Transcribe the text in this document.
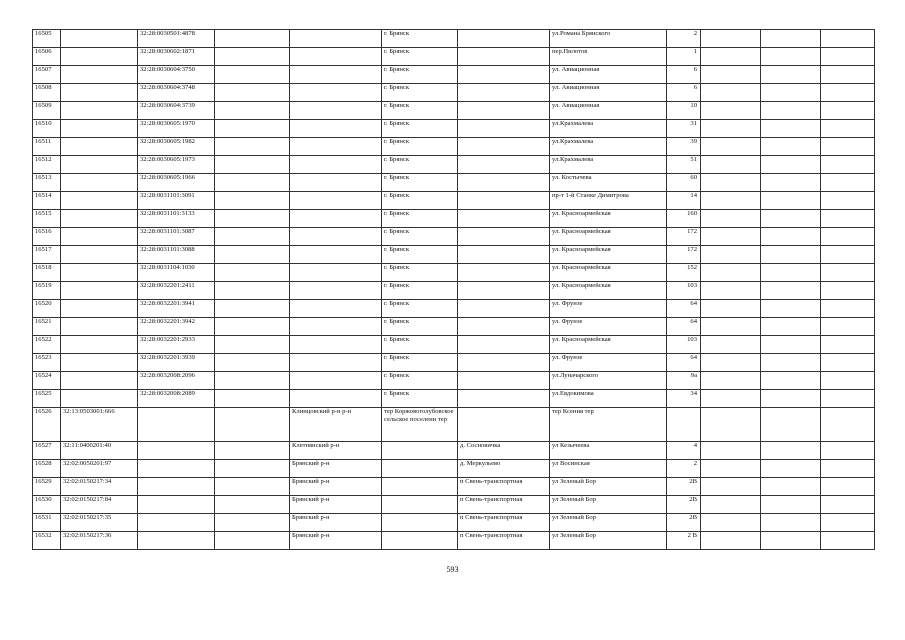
16505		32:28:0030501:4878			г. Брянск		ул.Романа Брянского	2			
16506		32:28:0030602:1871			г. Брянск		пер.Пилотов	1			
16507		32:28:0030604:3750			г. Брянск		ул. Авиационная	6			
16508		32:28:0030604:3748			г. Брянск		ул. Авиационная	6			
16509		32:28:0030604:3739			г. Брянск		ул. Авиационная	10			
16510		32:28:0030605:1970			г. Брянск		ул.Крахмалева	31			
16511		32:28:0030605:1982			г. Брянск		ул.Крахмалева	39			
16512		32:28:0030605:1973			г. Брянск		ул.Крахмалева	51			
16513		32:28:0030605:1966			г. Брянск		ул. Костычева	60			
16514		32:28:0031101:3091			г. Брянск		пр-т 1-й Станке Димитрова	14			
16515		32:28:0031101:3133			г. Брянск		ул. Красноармейская	160			
16516		32:28:0031101:3087			г. Брянск		ул. Красноармейская	172			
16517		32:28:0031101:3088			г. Брянск		ул. Красноармейская	172			
16518		32:28:0031104:1030			г. Брянск		ул. Красноармейская	152			
16519		32:28:0032201:2411			г. Брянск		ул. Красноармейская	103			
16520		32:28:0032201:3941			г. Брянск		ул. Фрунзе	64			
16521		32:28:0032201:3942			г. Брянск		ул. Фрунзе	64			
16522		32:28:0032201:2933			г. Брянск		ул. Красноармейская	103			
16523		32:28:0032201:3939			г. Брянск		ул. Фрунзе	64			
16524		32:28:0032008:2096			г. Брянск		ул.Луначарского	9а			
16525		32:28:0032008:2089			г. Брянск		ул.Евдокимова	34			
16526	32:13:0503001:666			Клинцовский р-н р-н	тер Коржовоголубовское сельское поселени тер		тер Ксения тер				
16527	32:11:0400201:40			Клетнянский р-н		д. Сосновичка	ул Кезычеева	4			
16528	32:02:0050201:97			Брянский р-н		д. Меркульево	ул Восинская	2			
16529	32:02:0150217:34			Брянский р-н		п Свень-транспортная	ул Зеленый Бор	2В			
16530	32:02:0150217:84			Брянский р-н		п Свень-транспортная	ул Зеленый Бор	2В			
16531	32:02:0150217:35			Брянский р-н		п Свень-транспортная	ул Зеленый Бор	2В			
16532	32:02:0150217:36			Брянский р-н		п Свень-транспортная	ул Зеленый Бор	2 В			
593
